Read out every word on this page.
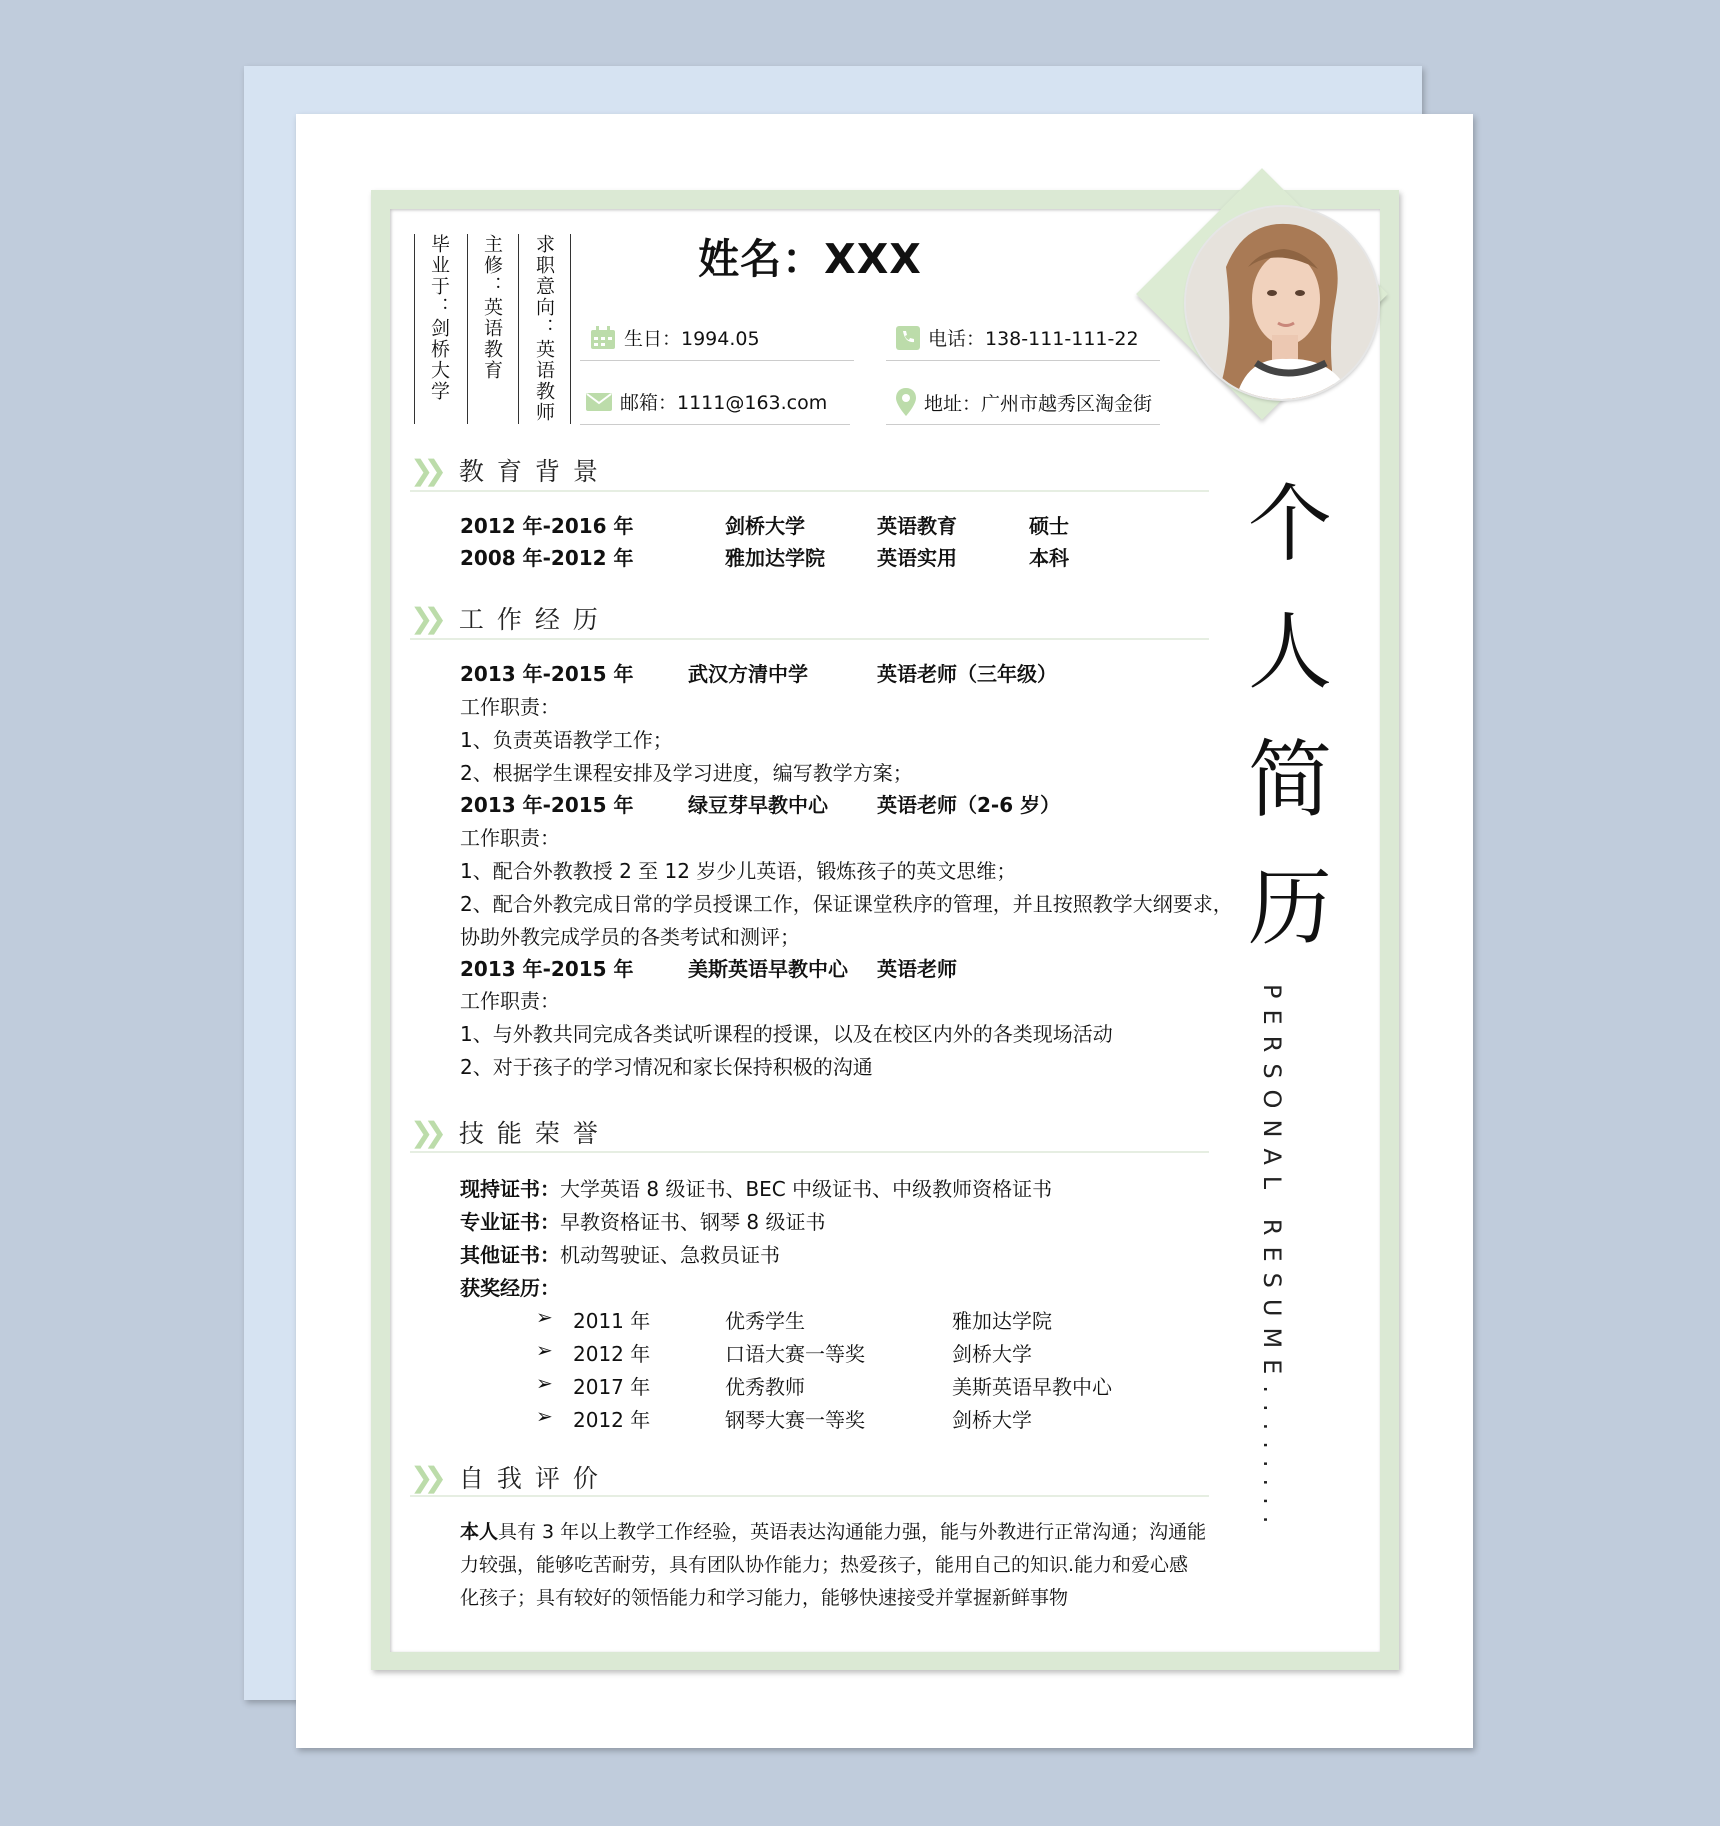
毕业于：剑桥大学 主修：英语教育 求职意向：英语教师	姓名：XXX
生日：1994.05	电话：138-111-111-22
邮箱：1111@163.com	地址：广州市越秀区淘金街
个
人
简
历
PERSONAL RESUME........
❯❯ 教育背景
2012 年-2016 年	剑桥大学	英语教育	硕士
2008 年-2012 年	雅加达学院	英语实用	本科
❯❯ 工作经历
2013 年-2015 年	武汉方清中学	英语老师（三年级）
工作职责：
1、负责英语教学工作；
2、根据学生课程安排及学习进度，编写教学方案；
2013 年-2015 年	绿豆芽早教中心 英语老师（2-6 岁）
工作职责：
1、配合外教教授 2 至 12 岁少儿英语，锻炼孩子的英文思维；
2、配合外教完成日常的学员授课工作，保证课堂秩序的管理，并且按照教学大纲要求，
协助外教完成学员的各类考试和测评；
2013 年-2015 年	美斯英语早教中心 英语老师
工作职责：
1、与外教共同完成各类试听课程的授课，以及在校区内外的各类现场活动
2、对于孩子的学习情况和家长保持积极的沟通
❯❯ 技能荣誉
现持证书：大学英语 8 级证书、BEC 中级证书、中级教师资格证书
专业证书：早教资格证书、钢琴 8 级证书
其他证书：机动驾驶证、急救员证书
获奖经历：
➢ 2011 年	优秀学生	雅加达学院
➢ 2012 年	口语大赛一等奖	剑桥大学
➢ 2017 年	优秀教师	美斯英语早教中心
➢ 2012 年	钢琴大赛一等奖	剑桥大学
❯❯ 自我评价
本人具有 3 年以上教学工作经验，英语表达沟通能力强，能与外教进行正常沟通；沟通能
力较强，能够吃苦耐劳，具有团队协作能力；热爱孩子，能用自己的知识.能力和爱心感
化孩子；具有较好的领悟能力和学习能力，能够快速接受并掌握新鲜事物
